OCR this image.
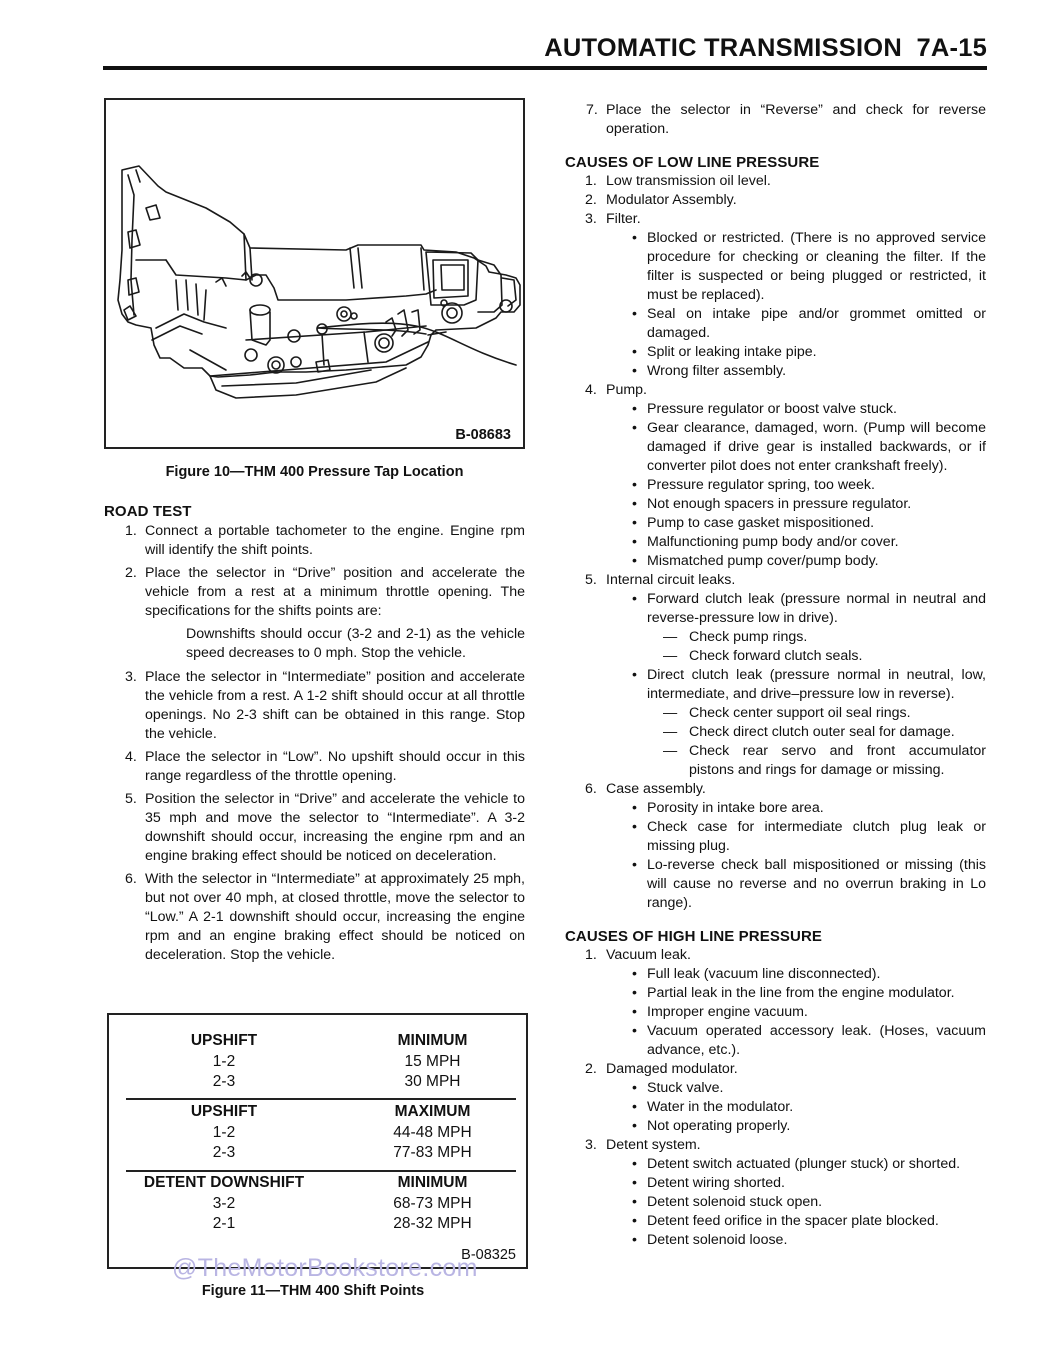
AUTOMATIC TRANSMISSION  7A-15
B-08683
Figure 10—THM 400 Pressure Tap Location
ROAD TEST
1. Connect a portable tachometer to the engine. Engine rpm will identify the shift points.
2. Place the selector in “Drive” position and accelerate the vehicle from a rest at a minimum throttle opening. The specifications for the shifts points are:
Downshifts should occur (3-2 and 2-1) as the vehicle speed decreases to 0 mph. Stop the vehicle.
3. Place the selector in “Intermediate” position and accelerate the vehicle from a rest. A 1-2 shift should occur at all throttle openings. No 2-3 shift can be obtained in this range. Stop the vehicle.
4. Place the selector in “Low”. No upshift should occur in this range regardless of the throttle opening.
5. Position the selector in “Drive” and accelerate the vehicle to 35 mph and move the selector to “Intermediate”. A 3-2 downshift should occur, increasing the engine rpm and an engine braking effect should be noticed on deceleration.
6. With the selector in “Intermediate” at approximately 25 mph, but not over 40 mph, at closed throttle, move the selector to “Low.” A 2-1 downshift should occur, increasing the engine rpm and an engine braking effect should be noticed on deceleration. Stop the vehicle.
UPSHIFT	MINIMUM
1-2	15 MPH
2-3	30 MPH
UPSHIFT	MAXIMUM
1-2	44-48 MPH
2-3	77-83 MPH
DETENT DOWNSHIFT	MINIMUM
3-2	68-73 MPH
2-1	28-32 MPH
B-08325
@TheMotorBookstore.com
Figure 11—THM 400 Shift Points
7. Place the selector in “Reverse” and check for reverse operation.
CAUSES OF LOW LINE PRESSURE
1. Low transmission oil level.
2. Modulator Assembly.
3. Filter.
• Blocked or restricted. (There is no approved service procedure for checking or cleaning the filter. If the filter is suspected or being plugged or restricted, it must be replaced).
• Seal on intake pipe and/or grommet omitted or damaged.
• Split or leaking intake pipe.
• Wrong filter assembly.
4. Pump.
• Pressure regulator or boost valve stuck.
• Gear clearance, damaged, worn. (Pump will become damaged if drive gear is installed backwards, or if converter pilot does not enter crankshaft freely).
• Pressure regulator spring, too week.
• Not enough spacers in pressure regulator.
• Pump to case gasket mispositioned.
• Malfunctioning pump body and/or cover.
• Mismatched pump cover/pump body.
5. Internal circuit leaks.
• Forward clutch leak (pressure normal in neutral and reverse-pressure low in drive).
— Check pump rings.
— Check forward clutch seals.
• Direct clutch leak (pressure normal in neutral, low, intermediate, and drive–pressure low in reverse).
— Check center support oil seal rings.
— Check direct clutch outer seal for damage.
— Check rear servo and front accumulator pistons and rings for damage or missing.
6. Case assembly.
• Porosity in intake bore area.
• Check case for intermediate clutch plug leak or missing plug.
• Lo-reverse check ball mispositioned or missing (this will cause no reverse and no overrun braking in Lo range).
CAUSES OF HIGH LINE PRESSURE
1. Vacuum leak.
• Full leak (vacuum line disconnected).
• Partial leak in the line from the engine modulator.
• Improper engine vacuum.
• Vacuum operated accessory leak. (Hoses, vacuum advance, etc.).
2. Damaged modulator.
• Stuck valve.
• Water in the modulator.
• Not operating properly.
3. Detent system.
• Detent switch actuated (plunger stuck) or shorted.
• Detent wiring shorted.
• Detent solenoid stuck open.
• Detent feed orifice in the spacer plate blocked.
• Detent solenoid loose.
